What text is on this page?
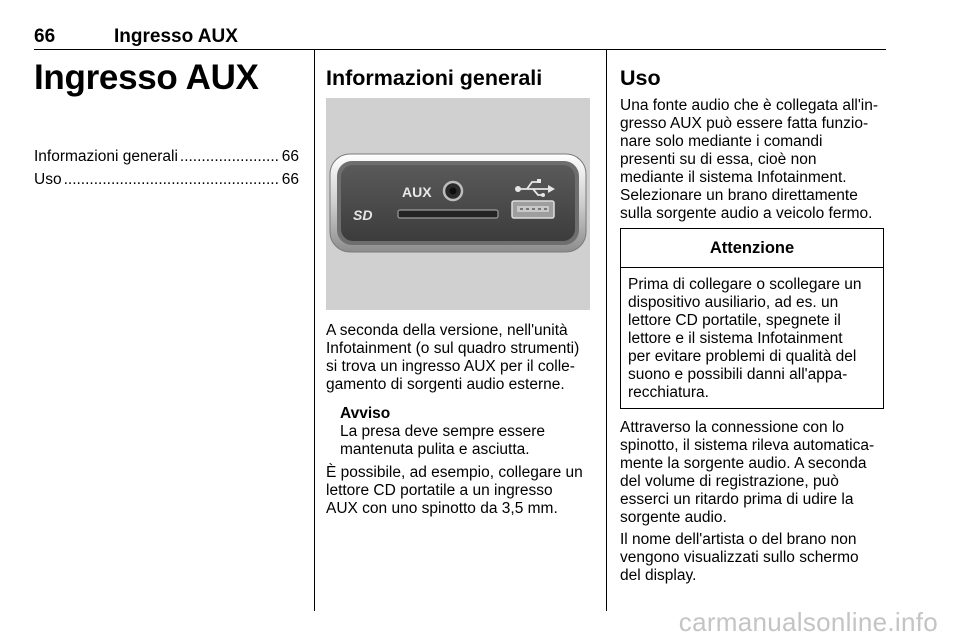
66	Ingresso AUX
Ingresso AUX
Informazioni generali .....	66
Uso .....	66
Informazioni generali
AUX
SD
A seconda della versione, nell'unità
Infotainment (o sul quadro strumenti)
si trova un ingresso AUX per il colle-
gamento di sorgenti audio esterne.
Avviso
La presa deve sempre essere
mantenuta pulita e asciutta.
È possibile, ad esempio, collegare un
lettore CD portatile a un ingresso
AUX con uno spinotto da 3,5 mm.
Uso
Una fonte audio che è collegata all'in-
gresso AUX può essere fatta funzio-
nare solo mediante i comandi
presenti su di essa, cioè non
mediante il sistema Infotainment.
Selezionare un brano direttamente
sulla sorgente audio a veicolo fermo.
Attenzione
Prima di collegare o scollegare un
dispositivo ausiliario, ad es. un
lettore CD portatile, spegnete il
lettore e il sistema Infotainment
per evitare problemi di qualità del
suono e possibili danni all'appa-
recchiatura.
Attraverso la connessione con lo
spinotto, il sistema rileva automatica-
mente la sorgente audio. A seconda
del volume di registrazione, può
esserci un ritardo prima di udire la
sorgente audio.
Il nome dell'artista o del brano non
vengono visualizzati sullo schermo
del display.
carmanualsonline.info
